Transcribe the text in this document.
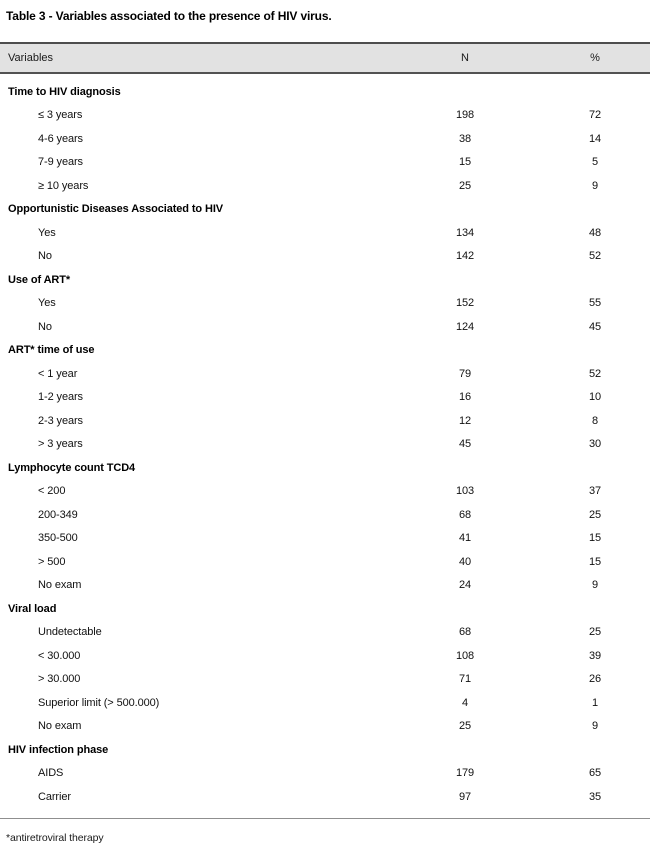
Table 3 - Variables associated to the presence of HIV virus.
Variables	N	%
Time to HIV diagnosis
≤ 3 years	198	72
4-6 years	38	14
7-9 years	15	5
≥ 10 years	25	9
Opportunistic Diseases Associated to HIV
Yes	134	48
No	142	52
Use of ART*
Yes	152	55
No	124	45
ART* time of use
< 1 year	79	52
1-2 years	16	10
2-3 years	12	8
> 3 years	45	30
Lymphocyte count TCD4
< 200	103	37
200-349	68	25
350-500	41	15
> 500	40	15
No exam	24	9
Viral load
Undetectable	68	25
< 30.000	108	39
> 30.000	71	26
Superior limit (> 500.000)	4	1
No exam	25	9
HIV infection phase
AIDS	179	65
Carrier	97	35
*antiretroviral therapy
